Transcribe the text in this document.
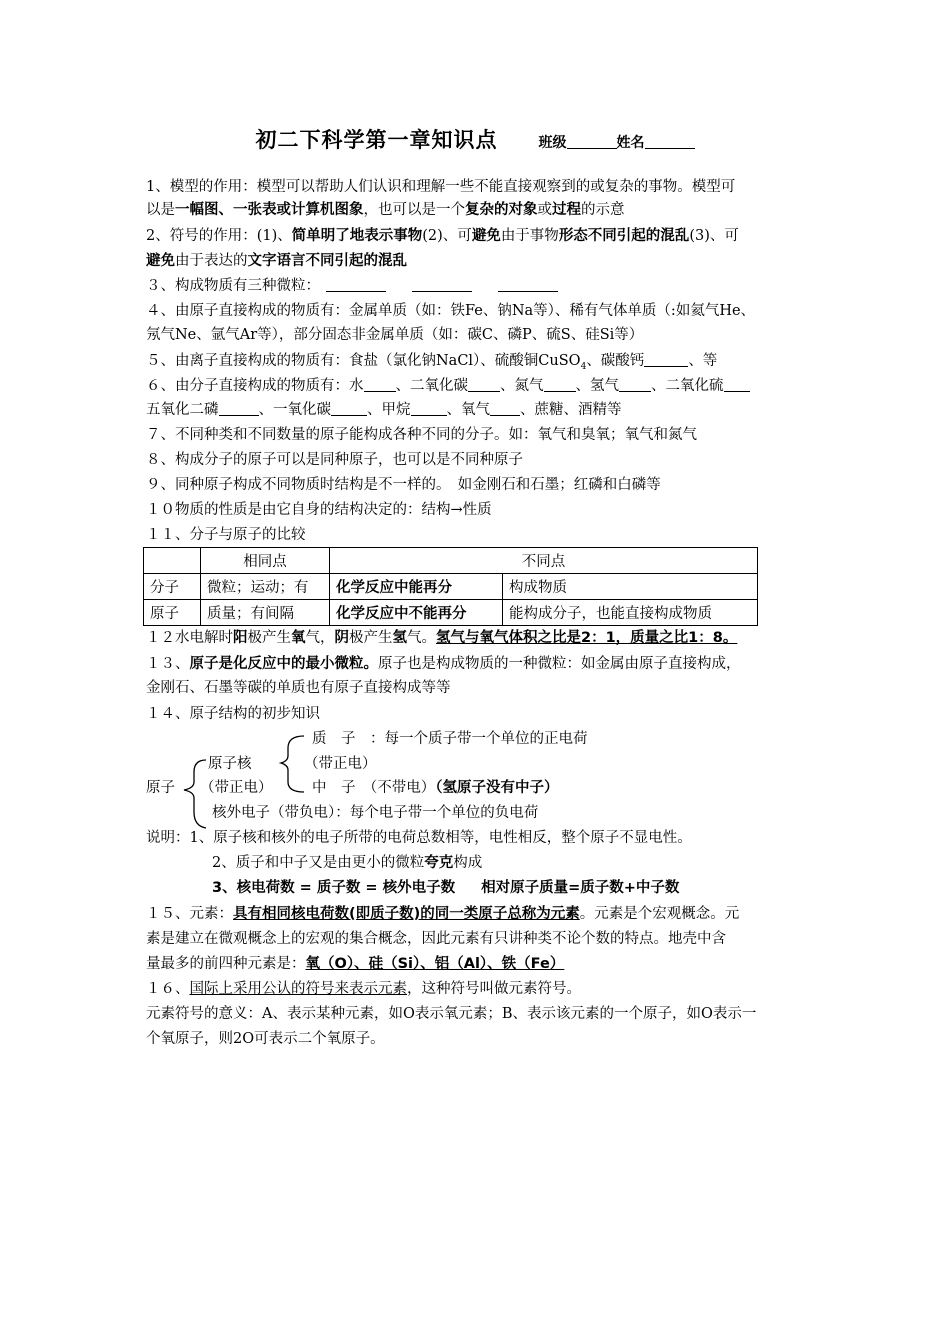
初二下科学第一章知识点	班级	姓名
1、模型的作用：模型可以帮助人们认识和理解一些不能直接观察到的或复杂的事物。模型可
以是一幅图、一张表或计算机图象，也可以是一个复杂的对象或过程的示意
2、符号的作用：(1)、简单明了地表示事物(2)、可避免由于事物形态不同引起的混乱(3)、可
避免由于表达的文字语言不同引起的混乱
３、构成物质有三种微粒：
４、由原子直接构成的物质有：金属单质（如：铁Fe、钠Na等）、稀有气体单质（:如氦气He、
氖气Ne、氩气Ar等），部分固态非金属单质（如：碳C、磷P、硫S、硅Si等）
５、由离子直接构成的物质有：食盐（氯化钠NaCl）、硫酸铜CuSO$_4$、碳酸钙	、等
６、由分子直接构成的物质有：水 、二氧化碳 、氮气 、氢气 、二氧化硫
五氧化二磷	、一氧化碳 、甲烷 、氧气 、蔗糖、酒精等
７、不同种类和不同数量的原子能构成各种不同的分子。如：氧气和臭氧；氧气和氮气
８、构成分子的原子可以是同种原子，也可以是不同种原子
９、同种原子构成不同物质时结构是不一样的。　如金刚石和石墨；红磷和白磷等
１０物质的性质是由它自身的结构决定的：结构→性质
１１、分子与原子的比较
	相同点	不同点	
分子	微粒；运动；有	化学反应中能再分	构成物质
原子	质量；有间隔	化学反应中不能再分	能构成分子，也能直接构成物质
１２水电解时阳极产生氧气，阴极产生氢气。氢气与氧气体积之比是2：1，质量之比1：8。
１３、原子是化反应中的最小微粒。原子也是构成物质的一种微粒：如金属由原子直接构成，
金刚石、石墨等碳的单质也有原子直接构成等等
１４、原子结构的初步知识
质　子　：每一个质子带一个单位的正电荷
原子核	（带正电）
原子 （带正电）	中　子　（不带电）（氢原子没有中子）
核外电子（带负电）：每个电子带一个单位的负电荷
说明：1、原子核和核外的电子所带的电荷总数相等，电性相反，整个原子不显电性。
2、质子和中子又是由更小的微粒夸克构成
3、核电荷数 = 质子数 = 核外电子数 相对原子质量=质子数+中子数
１５、元素：具有相同核电荷数(即质子数)的同一类原子总称为元素。元素是个宏观概念。元
素是建立在微观概念上的宏观的集合概念，因此元素有只讲种类不论个数的特点。地壳中含
量最多的前四种元素是：氧（O）、硅（Si）、铝（Al）、铁（Fe）
１６、国际上采用公认的符号来表示元素，这种符号叫做元素符号。
元素符号的意义：A、表示某种元素，如O表示氧元素；B、表示该元素的一个原子，如O表示一
个氧原子，则2O可表示二个氧原子。
